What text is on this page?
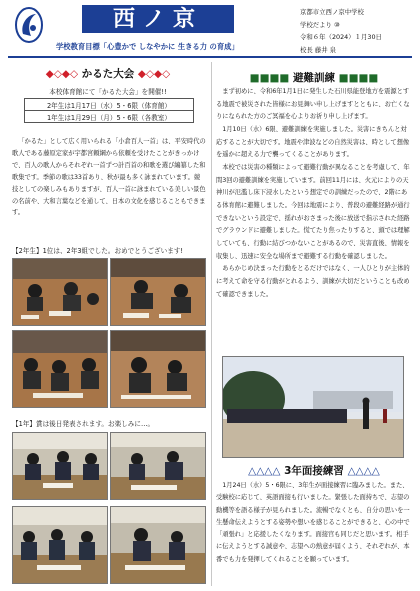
西ノ京
学校教育目標「心豊かで しなやかに 生きる力 の育成」
京都市立西ノ京中学校
学校だより ⑩
令和６年（2024）１月30日
校長 藤井 泉
◆◇◆◇ かるた大会 ◆◇◆◇
本校体育館にて「かるた大会」を開催!!
2年生は1月17日（水）5・6限（体育館）
1年生は1月29日（月）5・6限（各教室）

「かるた」として広く用いられる「小倉百人一首」は、平安時代の歌人である藤原定家が宇都宮頼綱から依頼を受けたことがきっかけで、百人の歌人からそれぞれ一首ずつ計百首の和歌を選び編纂した和歌集です。季節の歌は33首あり、秋が最も多く詠まれています。競技としての楽しみもありますが、百人一首に詠まれている美しい景色の名前や、大和言葉などを通して、日本の文化を感じることもできます。

【2年生】1位は、2年3組でした。おめでとうございます!
【1年】賞は後日発表されます。お楽しみに…。
■■■■ 避難訓練 ■■■■

まず初めに、令和6年1月1日に発生した石川県能登地方を震源とする地震で被災された皆様にお見舞い申し上げますとともに、お亡くなりになられた方のご冥福を心よりお祈り申し上げます。

1月10日（水）6限、避難訓練を実施しました。災害にきちんと対応することが大切です。地震や津波などの自然災害は、時として想像を遥かに超える力で襲ってくることがあります。

本校では災害の種類によって避難行動が異なることを考慮して、年間3回の避難訓練を実施しています。前回11月には、火元によりの天神川が氾濫し床下浸水したという想定での訓練だったので、2階にある体育館に避難しました。今回は地震により、普段の避難経路が通行できないという設定で、揺れがおさまった後に放送で指示された経路でグラウンドに避難しました。慌てたり焦ったりすると、頭では理解していても、行動に結びつかないことがあるので、災害直後、情報を収集し、迅速に安全な場所まで避難する行動を確認しました。

あらかじめ決まった行動をとるだけではなく、一人ひとりが主体的に考えて命を守る行動がとれるよう、訓練が大切だということも改めて確認できました。

△△△△ 3年面接練習 △△△△

1月24日（水）5・6限に、3年生が面接練習に臨みました。また、受験校に応じて、英語面接も行いました。緊張した面持ちで、志望の動機等を語る様子が見られました。流暢でなくとも、自分の思いを一生懸命伝えようとする姿勢や想いを感じることができると、心の中で「頑張れ」と応援したくなります。面接官も同じだと思います。相手に伝えようとする誠意や、志望への熱意が届くよう、それぞれが、本番でも力を発揮してくれることを願っています。
